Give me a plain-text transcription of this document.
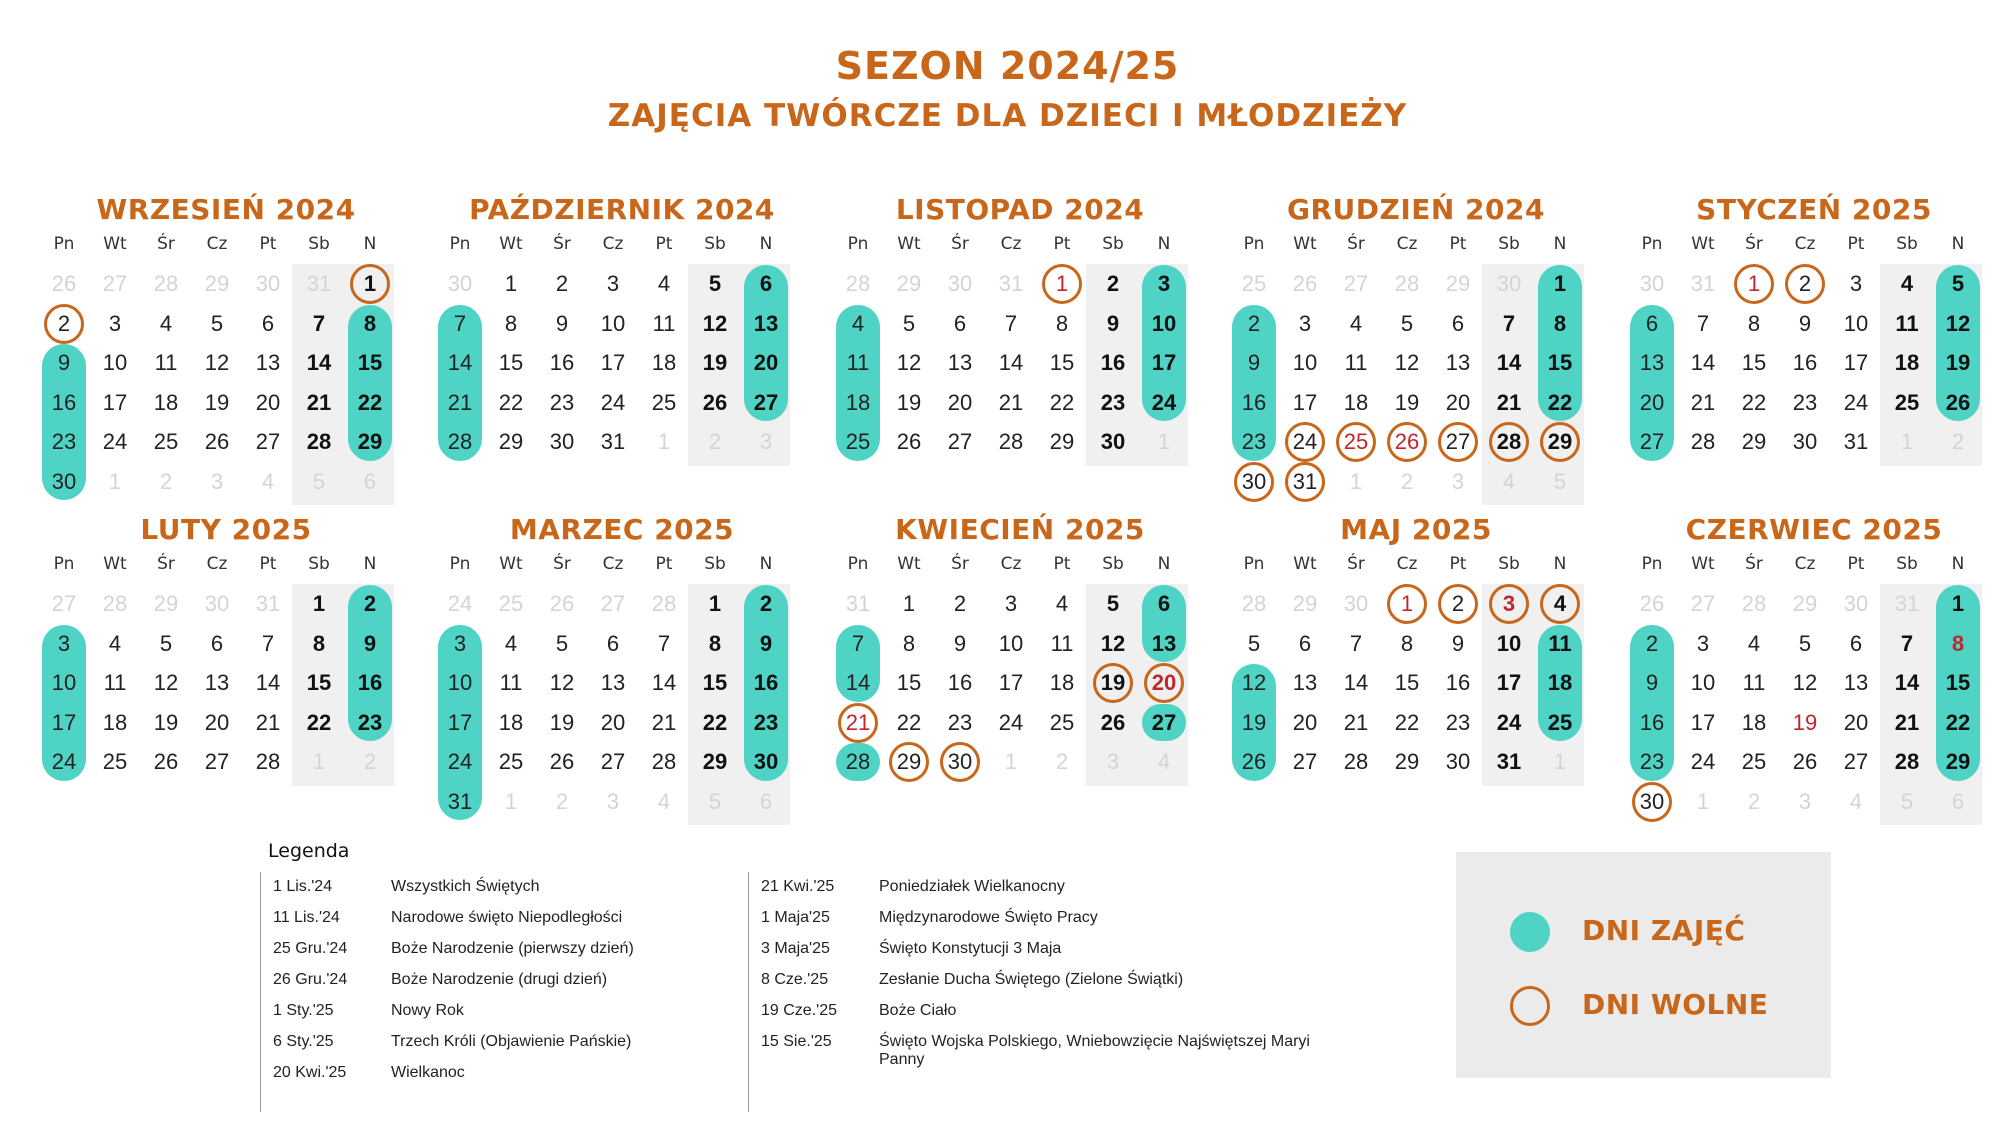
SEZON 2024/25
ZAJĘCIA TWÓRCZE DLA DZIECI I MŁODZIEŻY
WRZESIEŃ 2024
Pn	Wt	Śr	Cz	Pt	Sb	N
26	27	28	29	30	31	1
2	3	4	5	6	7	8
9	10	11	12	13	14	15
16	17	18	19	20	21	22
23	24	25	26	27	28	29
30	1	2	3	4	5	6
PAŹDZIERNIK 2024
Pn	Wt	Śr	Cz	Pt	Sb	N
30	1	2	3	4	5	6
7	8	9	10	11	12	13
14	15	16	17	18	19	20
21	22	23	24	25	26	27
28	29	30	31	1	2	3
LISTOPAD 2024
Pn	Wt	Śr	Cz	Pt	Sb	N
28	29	30	31	1	2	3
4	5	6	7	8	9	10
11	12	13	14	15	16	17
18	19	20	21	22	23	24
25	26	27	28	29	30	1
GRUDZIEŃ 2024
Pn	Wt	Śr	Cz	Pt	Sb	N
25	26	27	28	29	30	1
2	3	4	5	6	7	8
9	10	11	12	13	14	15
16	17	18	19	20	21	22
23	24	25	26	27	28	29
30	31	1	2	3	4	5
STYCZEŃ 2025
Pn	Wt	Śr	Cz	Pt	Sb	N
30	31	1	2	3	4	5
6	7	8	9	10	11	12
13	14	15	16	17	18	19
20	21	22	23	24	25	26
27	28	29	30	31	1	2
LUTY 2025
Pn	Wt	Śr	Cz	Pt	Sb	N
27	28	29	30	31	1	2
3	4	5	6	7	8	9
10	11	12	13	14	15	16
17	18	19	20	21	22	23
24	25	26	27	28	1	2
MARZEC 2025
Pn	Wt	Śr	Cz	Pt	Sb	N
24	25	26	27	28	1	2
3	4	5	6	7	8	9
10	11	12	13	14	15	16
17	18	19	20	21	22	23
24	25	26	27	28	29	30
31	1	2	3	4	5	6
KWIECIEŃ 2025
Pn	Wt	Śr	Cz	Pt	Sb	N
31	1	2	3	4	5	6
7	8	9	10	11	12	13
14	15	16	17	18	19	20
21	22	23	24	25	26	27
28	29	30	1	2	3	4
MAJ 2025
Pn	Wt	Śr	Cz	Pt	Sb	N
28	29	30	1	2	3	4
5	6	7	8	9	10	11
12	13	14	15	16	17	18
19	20	21	22	23	24	25
26	27	28	29	30	31	1
CZERWIEC 2025
Pn	Wt	Śr	Cz	Pt	Sb	N
26	27	28	29	30	31	1
2	3	4	5	6	7	8
9	10	11	12	13	14	15
16	17	18	19	20	21	22
23	24	25	26	27	28	29
30	1	2	3	4	5	6
Legenda
1 Lis.'24	Wszystkich Świętych
11 Lis.'24	Narodowe święto Niepodległości
25 Gru.'24	Boże Narodzenie (pierwszy dzień)
26 Gru.'24	Boże Narodzenie (drugi dzień)
1 Sty.'25	Nowy Rok
6 Sty.'25	Trzech Króli (Objawienie Pańskie)
20 Kwi.'25	Wielkanoc
21 Kwi.'25	Poniedziałek Wielkanocny
1 Maja'25	Międzynarodowe Święto Pracy
3 Maja'25	Święto Konstytucji 3 Maja
8 Cze.'25	Zesłanie Ducha Świętego (Zielone Świątki)
19 Cze.'25	Boże Ciało
15 Sie.'25	Święto Wojska Polskiego, Wniebowzięcie Najświętszej Maryi Panny
DNI ZAJĘĆ
DNI WOLNE
